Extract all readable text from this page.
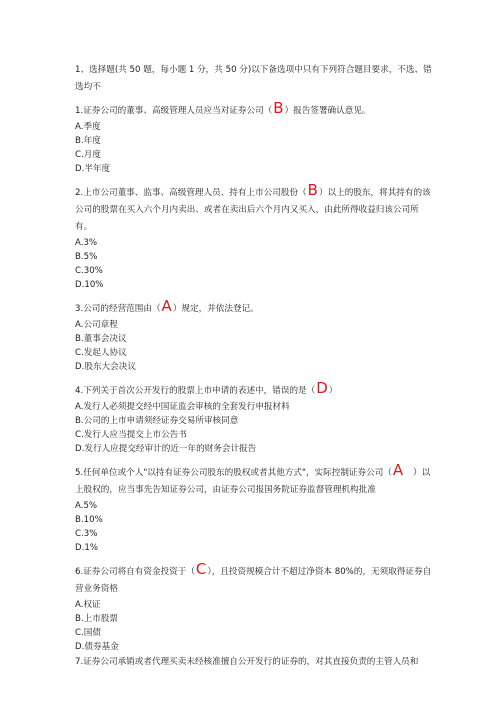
1、选择题(共 50 题，每小题 1 分，共 50 分)以下备选项中只有下列符合题目要求，不选、错选均不
1.证券公司的董事、高级管理人员应当对证券公司（B）报告签署确认意见。
A.季度
B.年度
C.月度
D.半年度
2.上市公司董事、监事、高级管理人员、持有上市公司股份（B）以上的股东，将其持有的该公司的股票在买入六个月内卖出、或者在卖出后六个月内又买入，由此所得收益归该公司所有。
A.3%
B.5%
C.30%
D.10%
3.公司的经营范围由（A）规定，并依法登记。
A.公司章程
B.董事会决议
C.发起人协议
D.股东大会决议
4.下列关于首次公开发行的股票上市申请的表述中，错误的是（D）
A.发行人必须提交经中国证监会审核的全套发行申报材料
B.公司的上市申请须经证券交易所审核同意
C.发行人应当提交上市公告书
D.发行人应提交经审计的近一年的财务会计报告
5.任何单位或个人"以持有证券公司股东的股权或者其他方式"，实际控制证券公司（A ）以上股权的，应当事先告知证券公司，由证券公司报国务院证券监督管理机构批准
A.5%
B.10%
C.3%
D.1%
6.证券公司将自有资金投资于（C），且投资规模合计不超过净资本 80%的，无须取得证券自营业务资格
A.权证
B.上市股票
C.国债
D.债券基金
7.证券公司承销或者代理买卖未经核准擅自公开发行的证券的，对其直接负责的主管人员和
